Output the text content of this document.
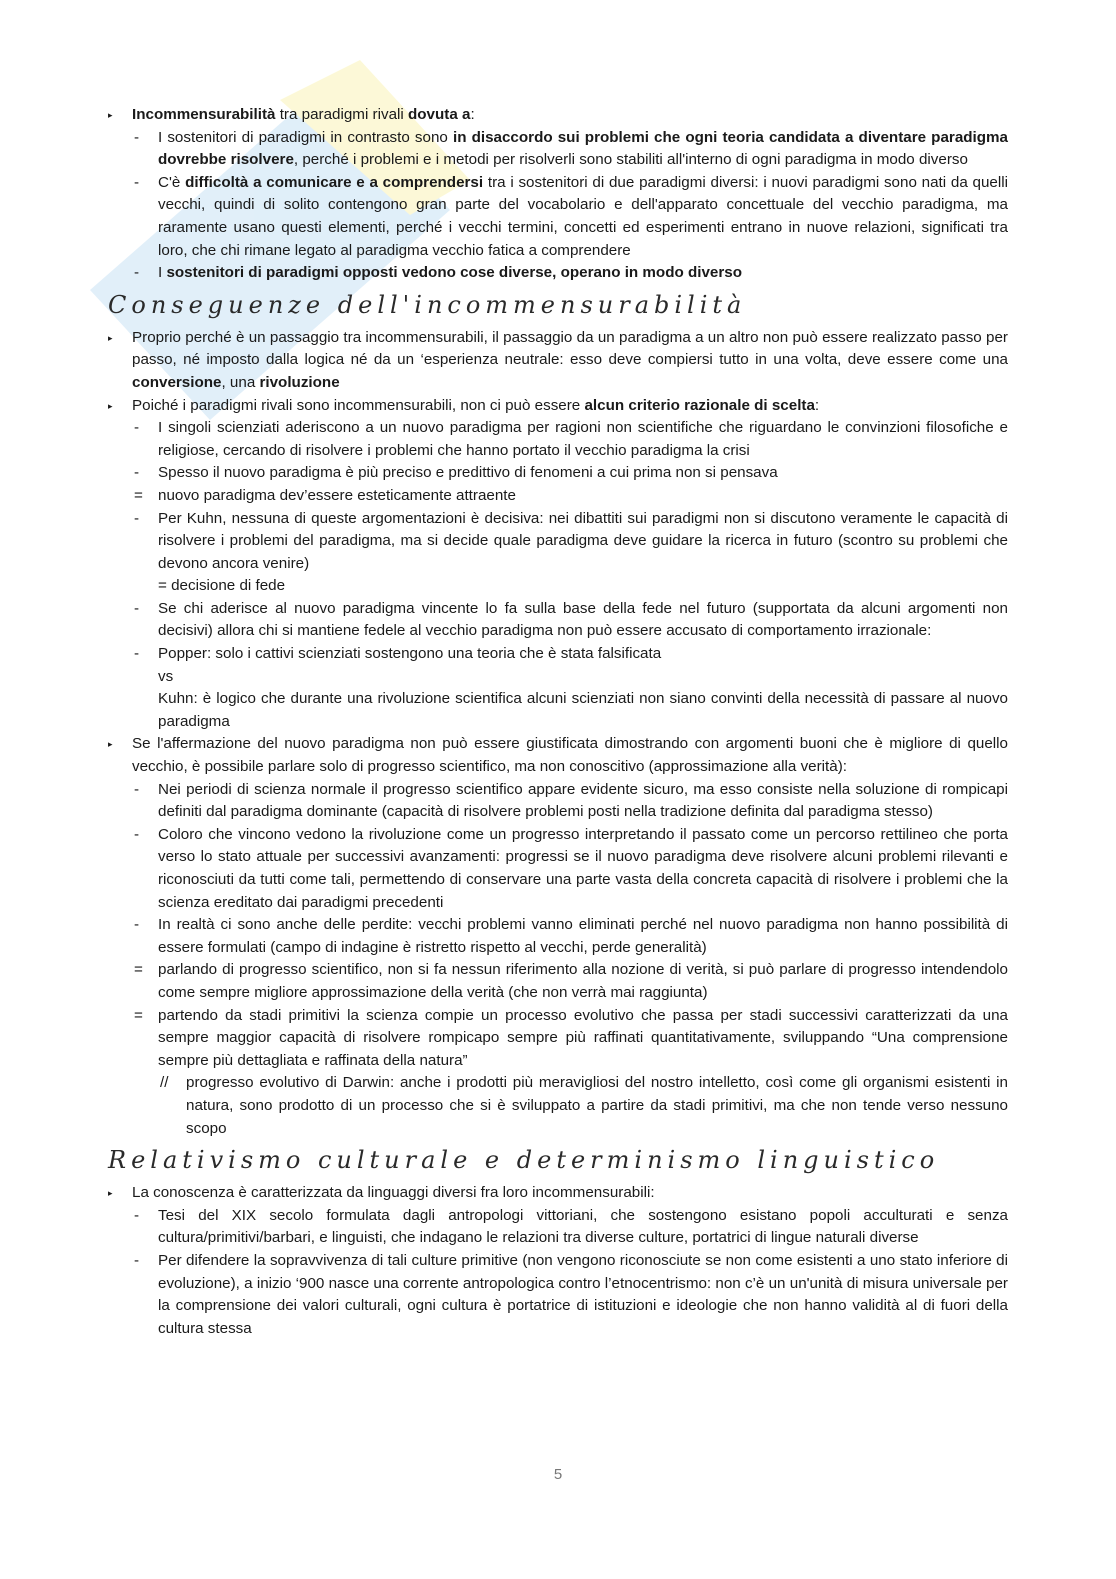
▸ Incommensurabilità tra paradigmi rivali dovuta a:
- I sostenitori di paradigmi in contrasto sono in disaccordo sui problemi che ogni teoria candidata a diventare paradigma dovrebbe risolvere, perché i problemi e i metodi per risolverli sono stabiliti all'interno di ogni paradigma in modo diverso
- C'è difficoltà a comunicare e a comprendersi tra i sostenitori di due paradigmi diversi: i nuovi paradigmi sono nati da quelli vecchi, quindi di solito contengono gran parte del vocabolario e dell'apparato concettuale del vecchio paradigma, ma raramente usano questi elementi, perché i vecchi termini, concetti ed esperimenti entrano in nuove relazioni, significati tra loro, che chi rimane legato al paradigma vecchio fatica a comprendere
- I sostenitori di paradigmi opposti vedono cose diverse, operano in modo diverso
Conseguenze dell'incommensurabilità
▸ Proprio perché è un passaggio tra incommensurabili, il passaggio da un paradigma a un altro non può essere realizzato passo per passo, né imposto dalla logica né da un ‘esperienza neutrale: esso deve compiersi tutto in una volta, deve essere come una conversione, una rivoluzione
▸ Poiché i paradigmi rivali sono incommensurabili, non ci può essere alcun criterio razionale di scelta:
- I singoli scienziati aderiscono a un nuovo paradigma per ragioni non scientifiche che riguardano le convinzioni filosofiche e religiose, cercando di risolvere i problemi che hanno portato il vecchio paradigma la crisi
- Spesso il nuovo paradigma è più preciso e predittivo di fenomeni a cui prima non si pensava
= nuovo paradigma dev’essere esteticamente attraente
- Per Kuhn, nessuna di queste argomentazioni è decisiva: nei dibattiti sui paradigmi non si discutono veramente le capacità di risolvere i problemi del paradigma, ma si decide quale paradigma deve guidare la ricerca in futuro (scontro su problemi che devono ancora venire)
= decisione di fede
- Se chi aderisce al nuovo paradigma vincente lo fa sulla base della fede nel futuro (supportata da alcuni argomenti non decisivi) allora chi si mantiene fedele al vecchio paradigma non può essere accusato di comportamento irrazionale:
- Popper: solo i cattivi scienziati sostengono una teoria che è stata falsificata
vs
Kuhn: è logico che durante una rivoluzione scientifica alcuni scienziati non siano convinti della necessità di passare al nuovo paradigma
▸ Se l'affermazione del nuovo paradigma non può essere giustificata dimostrando con argomenti buoni che è migliore di quello vecchio, è possibile parlare solo di progresso scientifico, ma non conoscitivo (approssimazione alla verità):
- Nei periodi di scienza normale il progresso scientifico appare evidente sicuro, ma esso consiste nella soluzione di rompicapi definiti dal paradigma dominante (capacità di risolvere problemi posti nella tradizione definita dal paradigma stesso)
- Coloro che vincono vedono la rivoluzione come un progresso interpretando il passato come un percorso rettilineo che porta verso lo stato attuale per successivi avanzamenti: progressi se il nuovo paradigma deve risolvere alcuni problemi rilevanti e riconosciuti da tutti come tali, permettendo di conservare una parte vasta della concreta capacità di risolvere i problemi che la scienza ereditato dai paradigmi precedenti
- In realtà ci sono anche delle perdite: vecchi problemi vanno eliminati perché nel nuovo paradigma non hanno possibilità di essere formulati (campo di indagine è ristretto rispetto al vecchi, perde generalità)
= parlando di progresso scientifico, non si fa nessun riferimento alla nozione di verità, si può parlare di progresso intendendolo come sempre migliore approssimazione della verità (che non verrà mai raggiunta)
= partendo da stadi primitivi la scienza compie un processo evolutivo che passa per stadi successivi caratterizzati da una sempre maggior capacità di risolvere rompicapo sempre più raffinati quantitativamente, sviluppando “Una comprensione sempre più dettagliata e raffinata della natura”
// progresso evolutivo di Darwin: anche i prodotti più meravigliosi del nostro intelletto, così come gli organismi esistenti in natura, sono prodotto di un processo che si è sviluppato a partire da stadi primitivi, ma che non tende verso nessuno scopo
Relativismo culturale e determinismo linguistico
▸ La conoscenza è caratterizzata da linguaggi diversi fra loro incommensurabili:
- Tesi del XIX secolo formulata dagli antropologi vittoriani, che sostengono esistano popoli acculturati e senza cultura/primitivi/barbari, e linguisti, che indagano le relazioni tra diverse culture, portatrici di lingue naturali diverse
- Per difendere la sopravvivenza di tali culture primitive (non vengono riconosciute se non come esistenti a uno stato inferiore di evoluzione), a inizio ‘900 nasce una corrente antropologica contro l’etnocentrismo: non c’è un un'unità di misura universale per la comprensione dei valori culturali, ogni cultura è portatrice di istituzioni e ideologie che non hanno validità al di fuori della cultura stessa
5
